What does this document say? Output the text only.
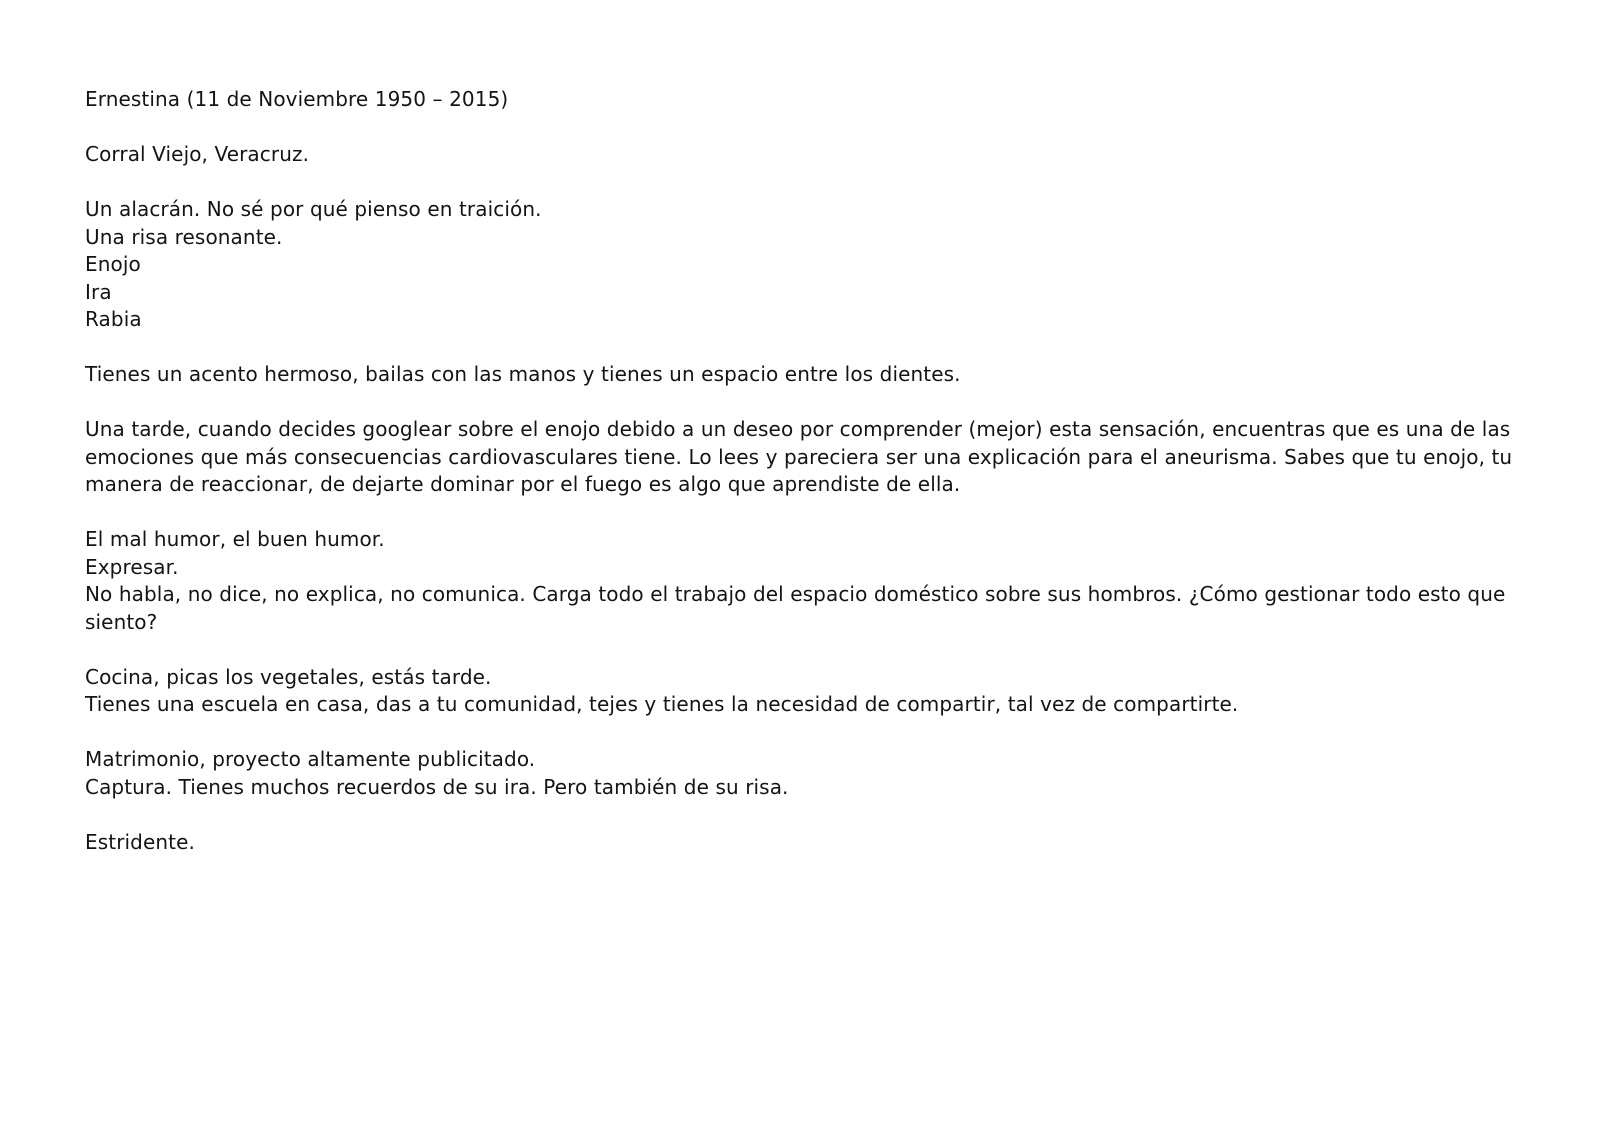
Ernestina (11 de Noviembre 1950 – 2015)

Corral Viejo, Veracruz.

Un alacrán. No sé por qué pienso en traición.

Una risa resonante.

Enojo

Ira

Rabia

Tienes un acento hermoso, bailas con las manos y tienes un espacio entre los dientes.

Una tarde, cuando decides googlear sobre el enojo debido a un deseo por comprender (mejor) esta sensación, encuentras que es una de las emociones que más consecuencias cardiovasculares tiene. Lo lees y pareciera ser una explicación para el aneurisma. Sabes que tu enojo, tu manera de reaccionar, de dejarte dominar por el fuego es algo que aprendiste de ella.

El mal humor, el buen humor.

Expresar.

No habla, no dice, no explica, no comunica. Carga todo el trabajo del espacio doméstico sobre sus hombros. ¿Cómo gestionar todo esto que siento?

Cocina, picas los vegetales, estás tarde.

Tienes una escuela en casa, das a tu comunidad, tejes y tienes la necesidad de compartir, tal vez de compartirte.

Matrimonio, proyecto altamente publicitado.

Captura. Tienes muchos recuerdos de su ira. Pero también de su risa.

Estridente.
